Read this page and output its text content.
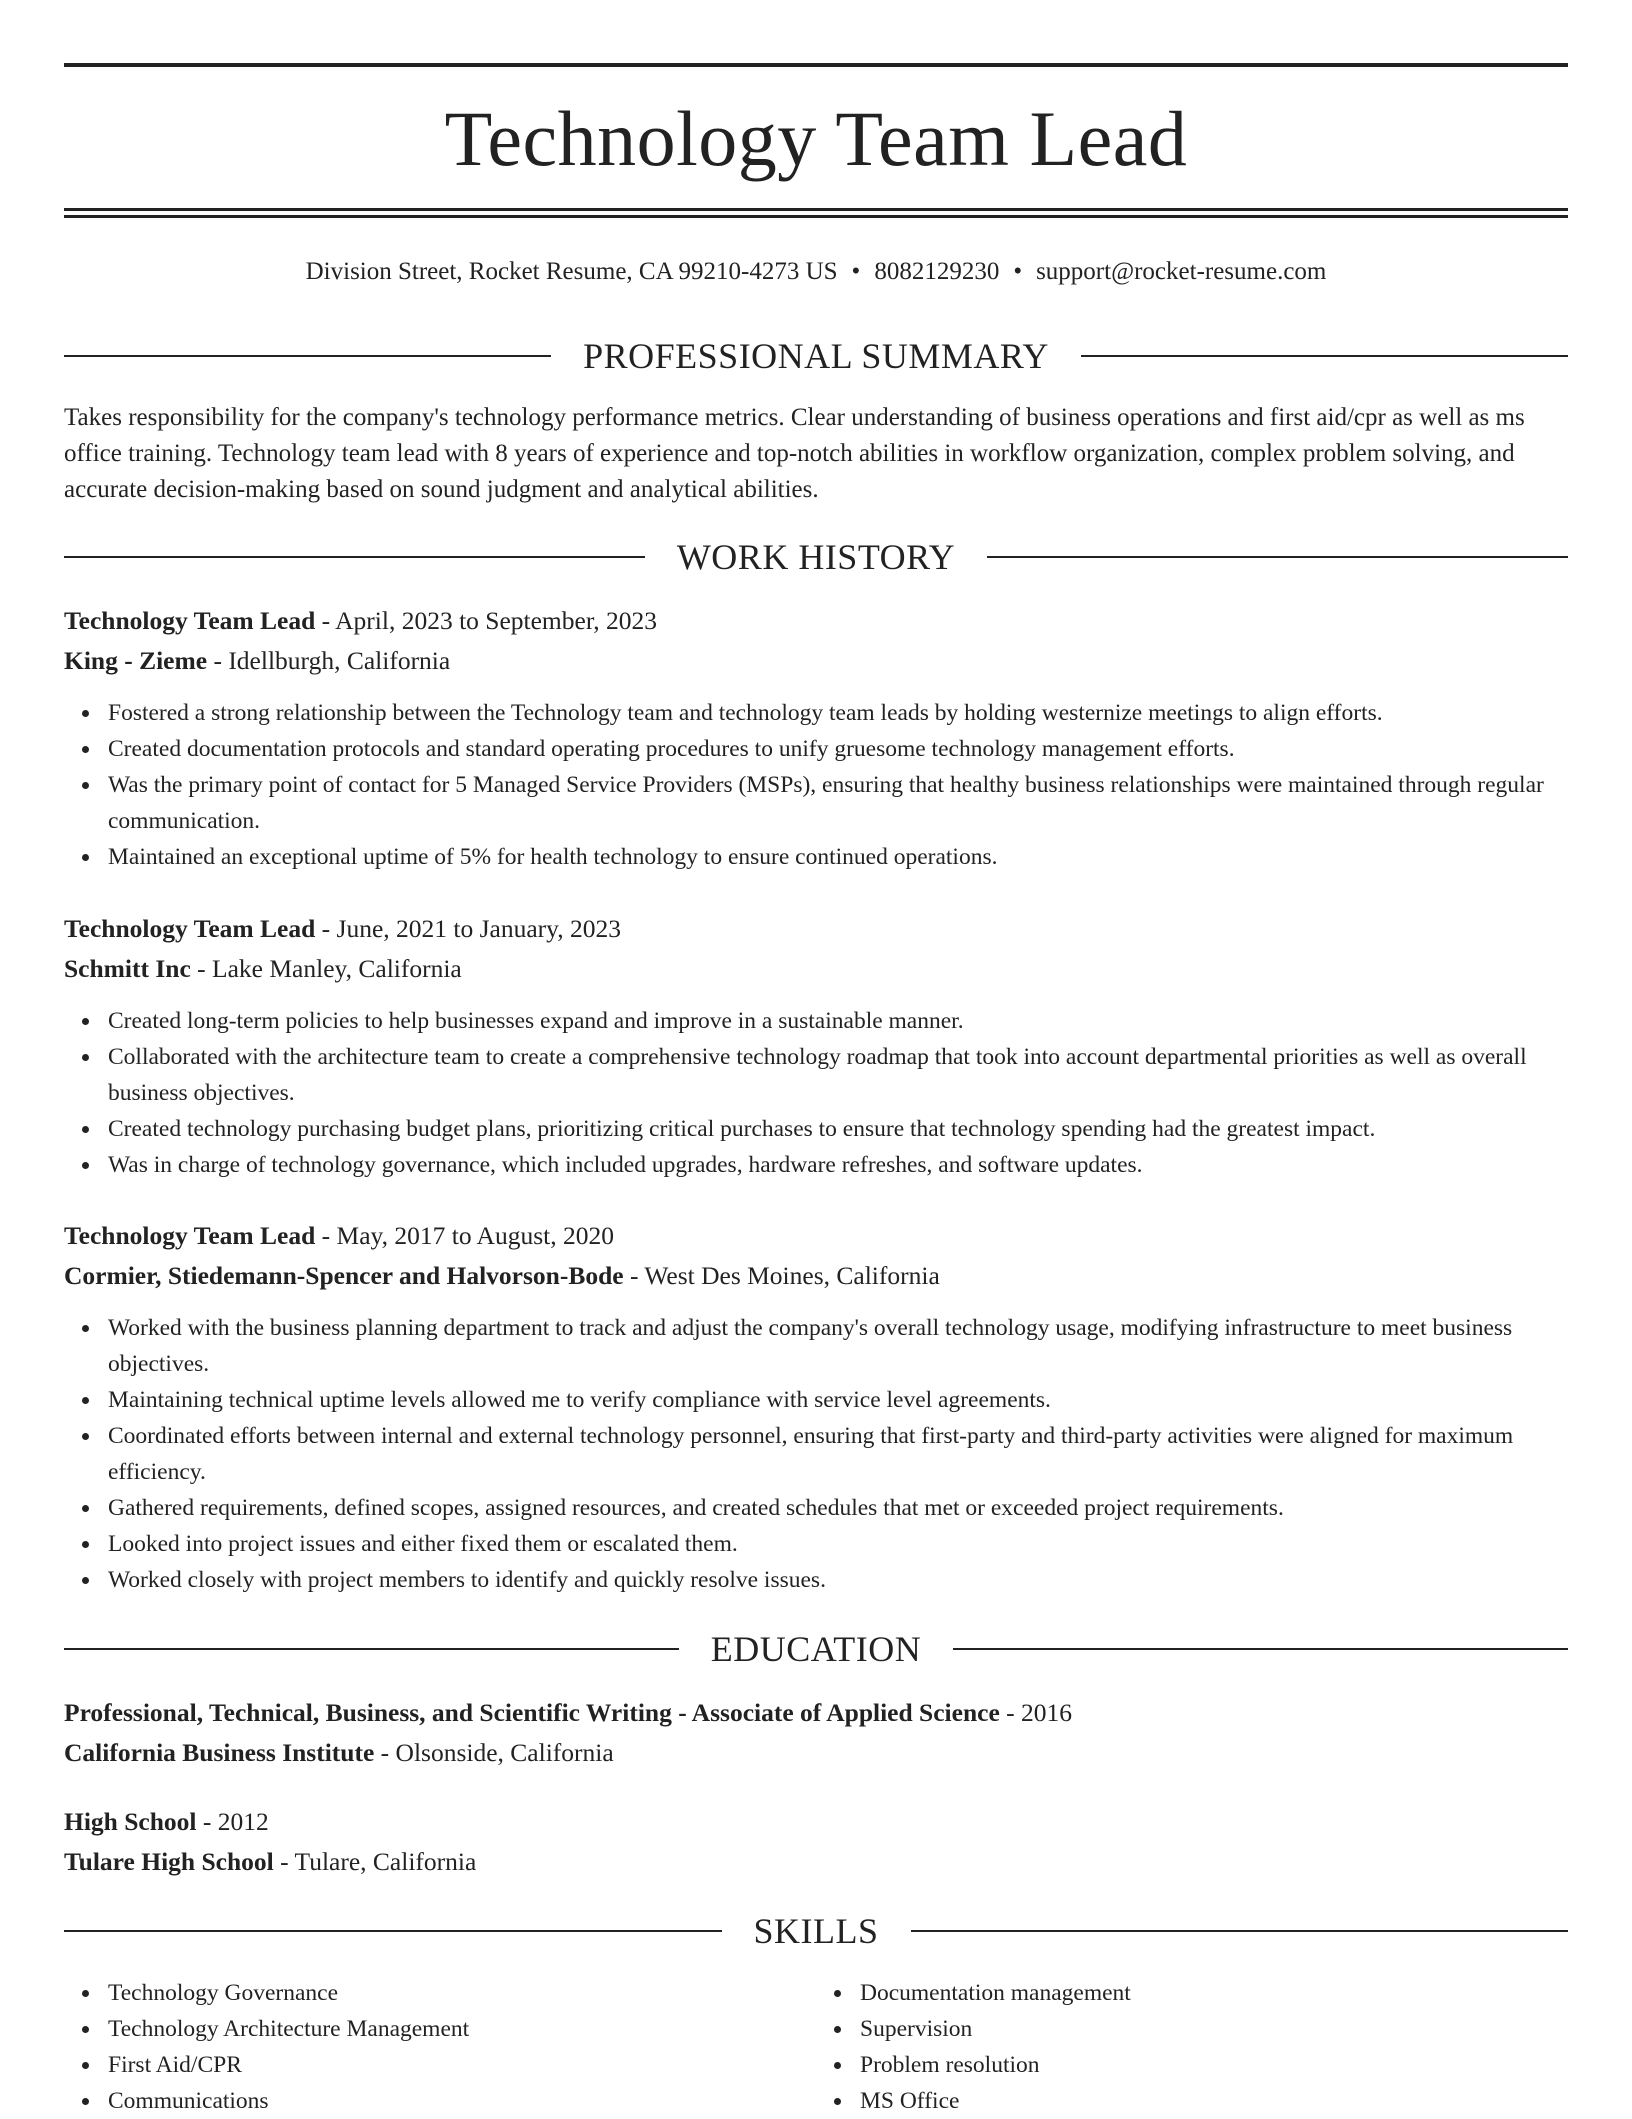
Technology Team Lead
Division Street, Rocket Resume, CA 99210-4273 US • 8082129230 • support@rocket-resume.com
PROFESSIONAL SUMMARY
Takes responsibility for the company's technology performance metrics. Clear understanding of business operations and first aid/cpr as well as ms office training. Technology team lead with 8 years of experience and top-notch abilities in workflow organization, complex problem solving, and accurate decision-making based on sound judgment and analytical abilities.
WORK HISTORY
Technology Team Lead - April, 2023 to September, 2023
King - Zieme - Idellburgh, California
Fostered a strong relationship between the Technology team and technology team leads by holding westernize meetings to align efforts.
Created documentation protocols and standard operating procedures to unify gruesome technology management efforts.
Was the primary point of contact for 5 Managed Service Providers (MSPs), ensuring that healthy business relationships were maintained through regular communication.
Maintained an exceptional uptime of 5% for health technology to ensure continued operations.
Technology Team Lead - June, 2021 to January, 2023
Schmitt Inc - Lake Manley, California
Created long-term policies to help businesses expand and improve in a sustainable manner.
Collaborated with the architecture team to create a comprehensive technology roadmap that took into account departmental priorities as well as overall business objectives.
Created technology purchasing budget plans, prioritizing critical purchases to ensure that technology spending had the greatest impact.
Was in charge of technology governance, which included upgrades, hardware refreshes, and software updates.
Technology Team Lead - May, 2017 to August, 2020
Cormier, Stiedemann-Spencer and Halvorson-Bode - West Des Moines, California
Worked with the business planning department to track and adjust the company's overall technology usage, modifying infrastructure to meet business objectives.
Maintaining technical uptime levels allowed me to verify compliance with service level agreements.
Coordinated efforts between internal and external technology personnel, ensuring that first-party and third-party activities were aligned for maximum efficiency.
Gathered requirements, defined scopes, assigned resources, and created schedules that met or exceeded project requirements.
Looked into project issues and either fixed them or escalated them.
Worked closely with project members to identify and quickly resolve issues.
EDUCATION
Professional, Technical, Business, and Scientific Writing - Associate of Applied Science - 2016
California Business Institute - Olsonside, California
High School - 2012
Tulare High School - Tulare, California
SKILLS
Technology Governance
Technology Architecture Management
First Aid/CPR
Communications
Documentation management
Supervision
Problem resolution
MS Office
